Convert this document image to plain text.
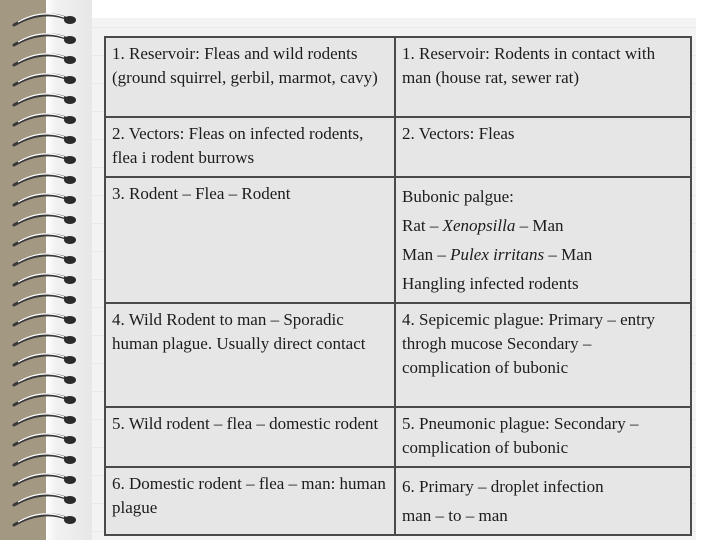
1. Reservoir: Fleas and wild rodents (ground squirrel, gerbil, marmot, cavy)	1. Reservoir: Rodents in contact with man (house rat, sewer rat)
2. Vectors: Fleas on infected rodents, flea i rodent burrows	2. Vectors: Fleas
3. Rodent – Flea – Rodent	Bubonic palgue:
Rat – Xenopsilla – Man
Man – Pulex irritans – Man
Hangling infected rodents

4. Wild Rodent to man – Sporadic human plague. Usually direct contact	4. Sepicemic plague: Primary – entry throgh mucose Secondary – complication of bubonic
5. Wild rodent – flea – domestic rodent	5. Pneumonic plague: Secondary – complication of bubonic
6. Domestic rodent – flea – man: human plague	6. Primary – droplet infection
man – to – man
